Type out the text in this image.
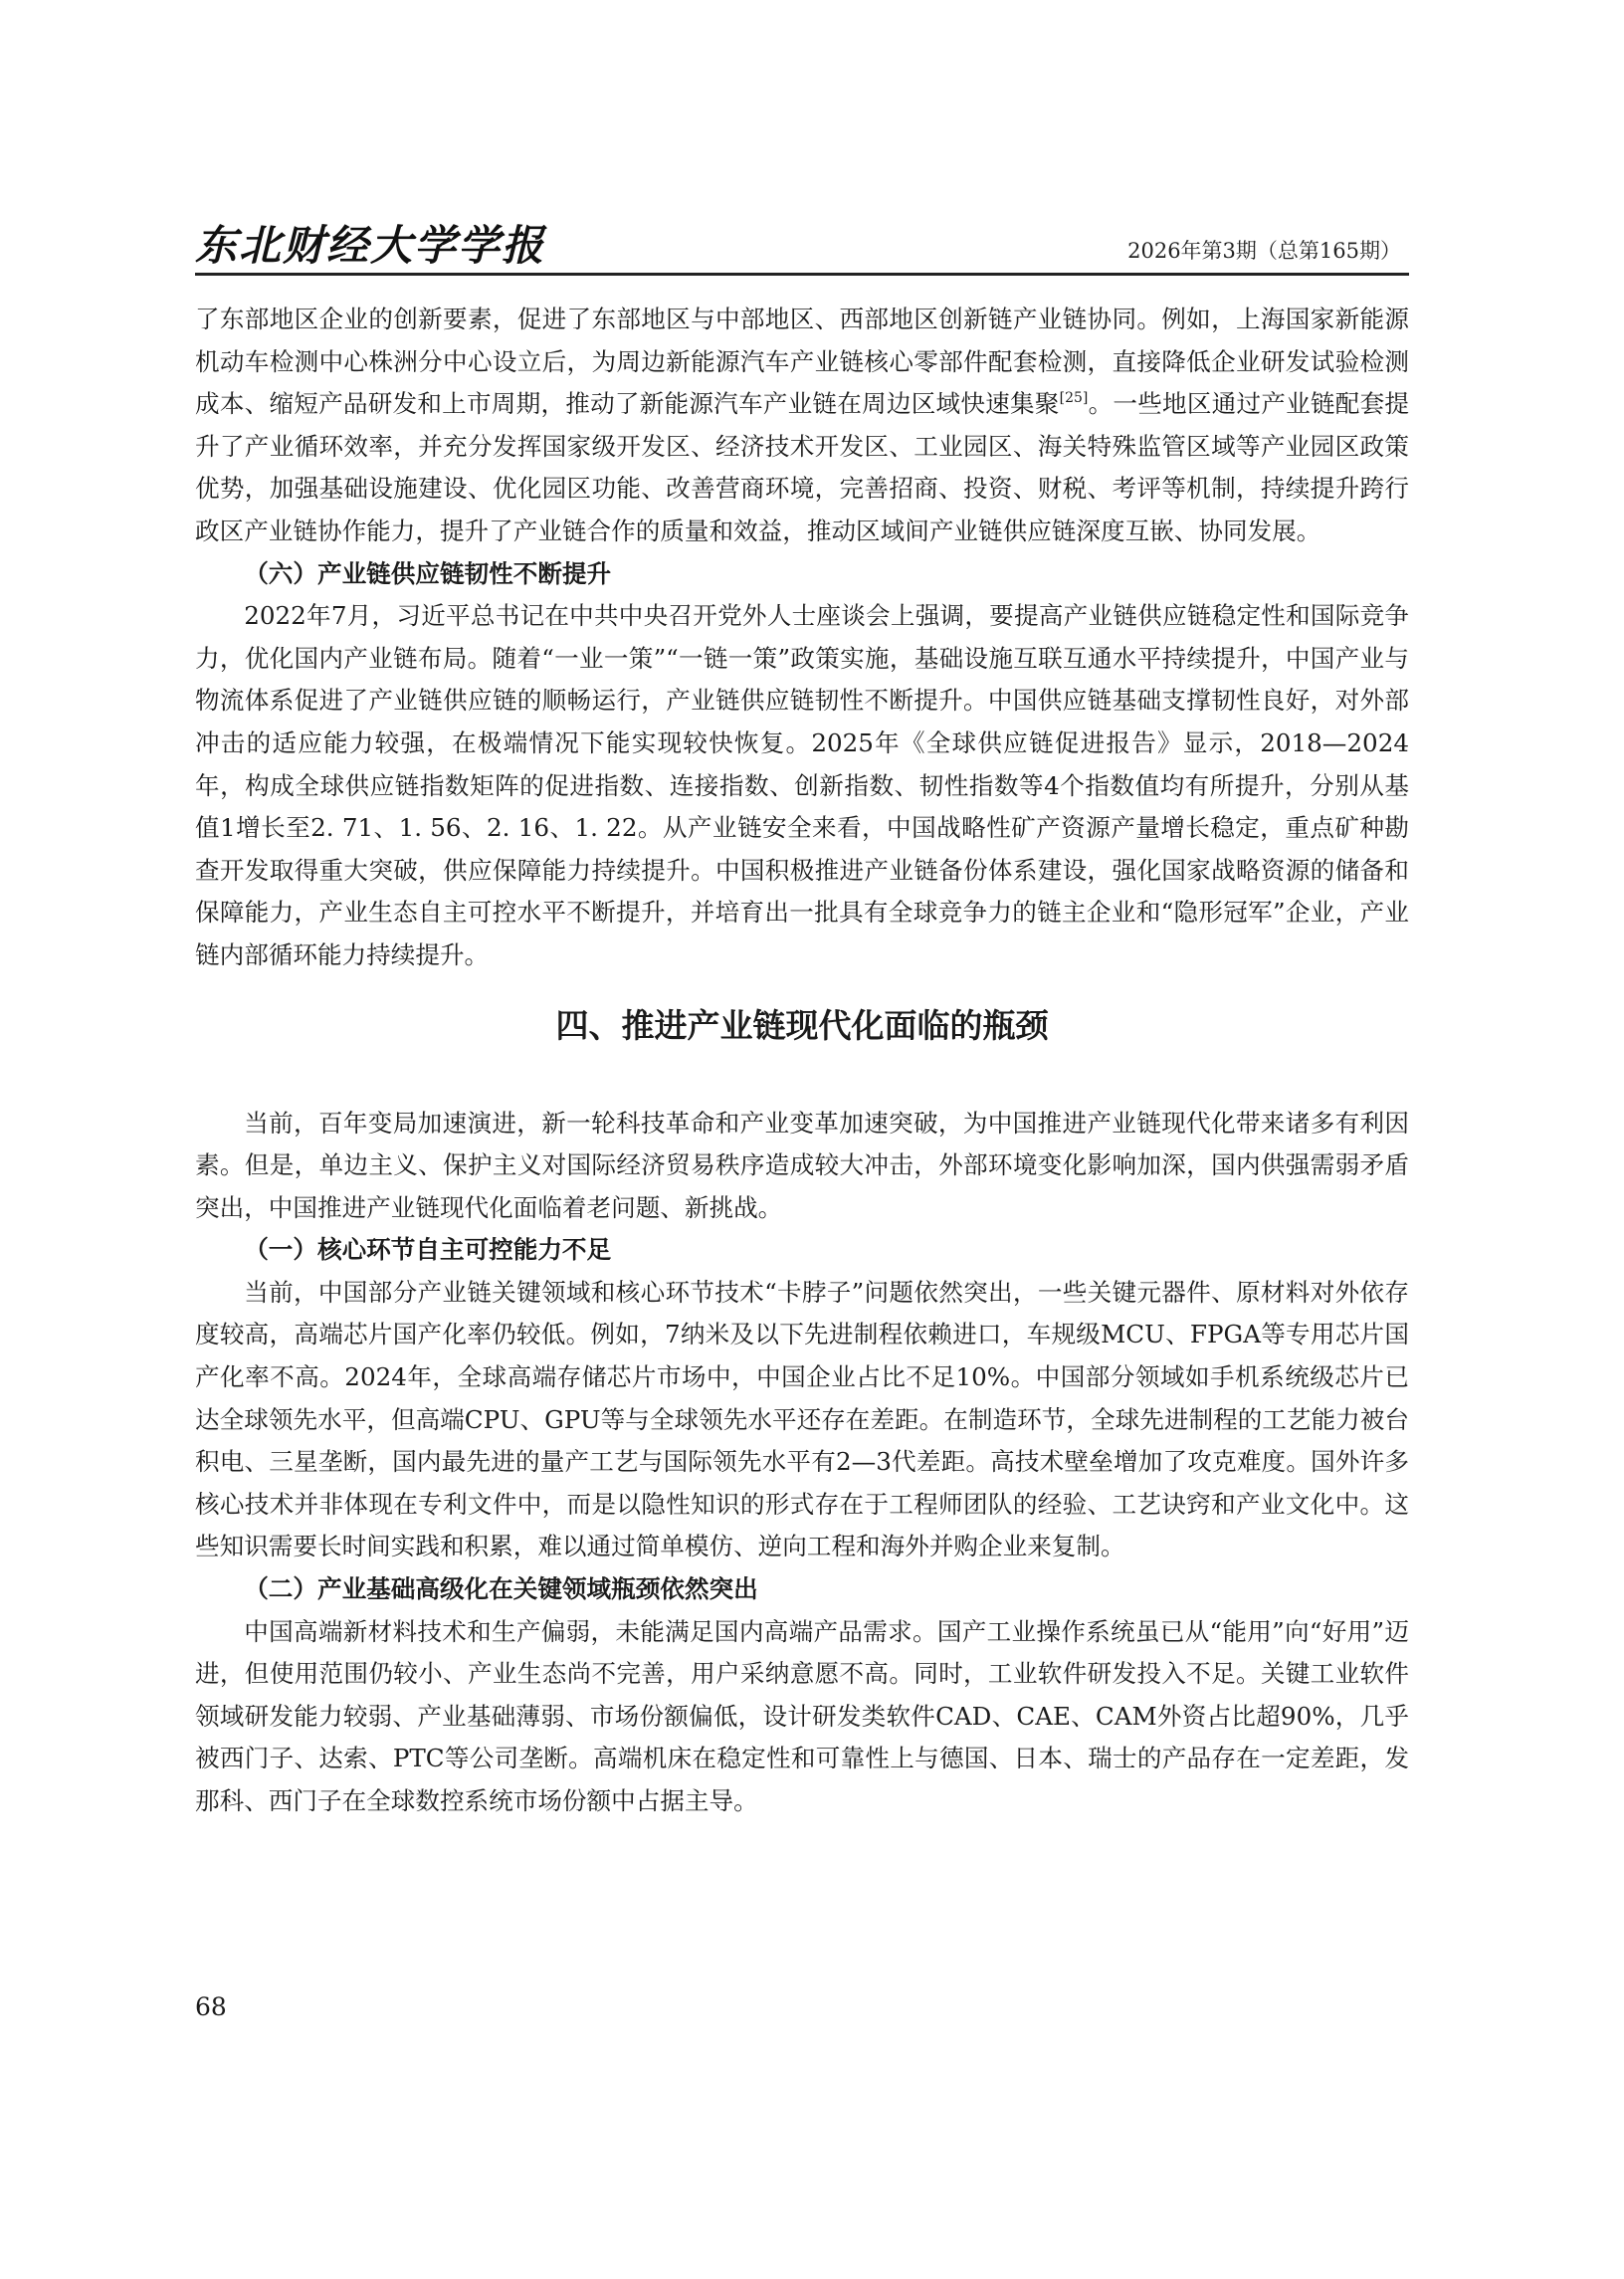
东北财经大学学报	2026年第3期（总第165期）

了东部地区企业的创新要素，促进了东部地区与中部地区、西部地区创新链产业链协同。例如，上海国家新能源机动车检测中心株洲分中心设立后，为周边新能源汽车产业链核心零部件配套检测，直接降低企业研发试验检测成本、缩短产品研发和上市周期，推动了新能源汽车产业链在周边区域快速集聚[25]。一些地区通过产业链配套提升了产业循环效率，并充分发挥国家级开发区、经济技术开发区、工业园区、海关特殊监管区域等产业园区政策优势，加强基础设施建设、优化园区功能、改善营商环境，完善招商、投资、财税、考评等机制，持续提升跨行政区产业链协作能力，提升了产业链合作的质量和效益，推动区域间产业链供应链深度互嵌、协同发展。

（六）产业链供应链韧性不断提升

2022年7月，习近平总书记在中共中央召开党外人士座谈会上强调，要提高产业链供应链稳定性和国际竞争力，优化国内产业链布局。随着“一业一策”“一链一策”政策实施，基础设施互联互通水平持续提升，中国产业与物流体系促进了产业链供应链的顺畅运行，产业链供应链韧性不断提升。中国供应链基础支撑韧性良好，对外部冲击的适应能力较强，在极端情况下能实现较快恢复。2025年《全球供应链促进报告》显示，2018—2024年，构成全球供应链指数矩阵的促进指数、连接指数、创新指数、韧性指数等4个指数值均有所提升，分别从基值1增长至2. 71、1. 56、2. 16、1. 22。从产业链安全来看，中国战略性矿产资源产量增长稳定，重点矿种勘查开发取得重大突破，供应保障能力持续提升。中国积极推进产业链备份体系建设，强化国家战略资源的储备和保障能力，产业生态自主可控水平不断提升，并培育出一批具有全球竞争力的链主企业和“隐形冠军”企业，产业链内部循环能力持续提升。

四、推进产业链现代化面临的瓶颈

当前，百年变局加速演进，新一轮科技革命和产业变革加速突破，为中国推进产业链现代化带来诸多有利因素。但是，单边主义、保护主义对国际经济贸易秩序造成较大冲击，外部环境变化影响加深，国内供强需弱矛盾突出，中国推进产业链现代化面临着老问题、新挑战。

（一）核心环节自主可控能力不足

当前，中国部分产业链关键领域和核心环节技术“卡脖子”问题依然突出，一些关键元器件、原材料对外依存度较高，高端芯片国产化率仍较低。例如，7纳米及以下先进制程依赖进口，车规级MCU、FPGA等专用芯片国产化率不高。2024年，全球高端存储芯片市场中，中国企业占比不足10%。中国部分领域如手机系统级芯片已达全球领先水平，但高端CPU、GPU等与全球领先水平还存在差距。在制造环节，全球先进制程的工艺能力被台积电、三星垄断，国内最先进的量产工艺与国际领先水平有2—3代差距。高技术壁垒增加了攻克难度。国外许多核心技术并非体现在专利文件中，而是以隐性知识的形式存在于工程师团队的经验、工艺诀窍和产业文化中。这些知识需要长时间实践和积累，难以通过简单模仿、逆向工程和海外并购企业来复制。

（二）产业基础高级化在关键领域瓶颈依然突出

中国高端新材料技术和生产偏弱，未能满足国内高端产品需求。国产工业操作系统虽已从“能用”向“好用”迈进，但使用范围仍较小、产业生态尚不完善，用户采纳意愿不高。同时，工业软件研发投入不足。关键工业软件领域研发能力较弱、产业基础薄弱、市场份额偏低，设计研发类软件CAD、CAE、CAM外资占比超90%，几乎被西门子、达索、PTC等公司垄断。高端机床在稳定性和可靠性上与德国、日本、瑞士的产品存在一定差距，发那科、西门子在全球数控系统市场份额中占据主导。

68
